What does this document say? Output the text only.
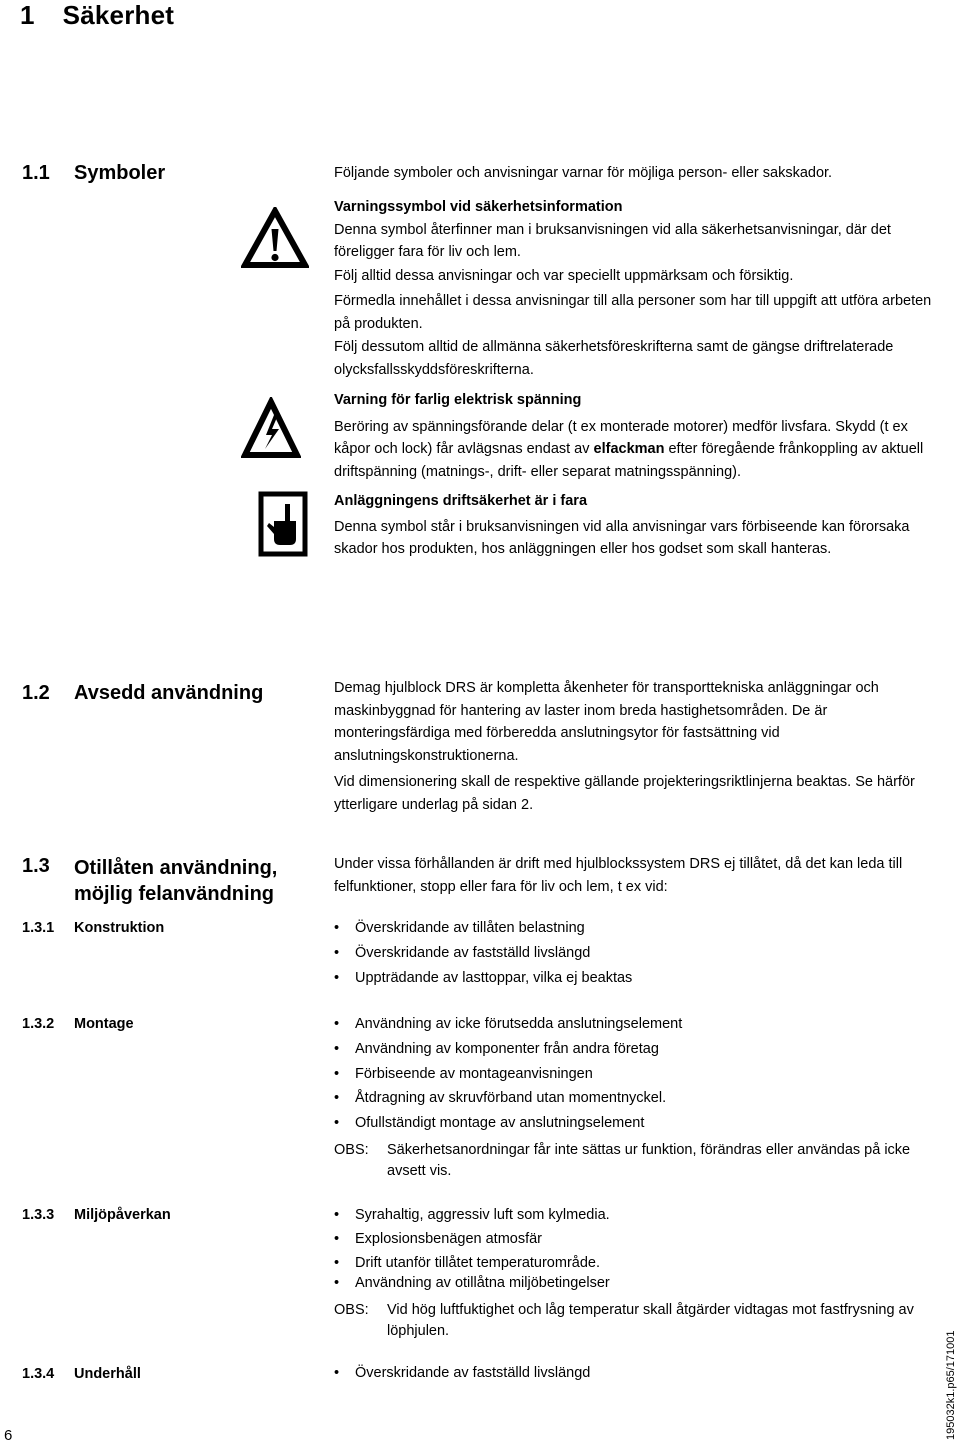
1 Säkerhet
1.1 Symboler	Följande symboler och anvisningar varnar för möjliga person- eller sakskador.

Varningssymbol vid säkerhetsinformation

Denna symbol återfinner man i bruksanvisningen vid alla säkerhetsanvisningar, där det föreligger fara för liv och lem.

Följ alltid dessa anvisningar och var speciellt uppmärksam och försiktig.

Förmedla innehållet i dessa anvisningar till alla personer som har till uppgift att utföra arbeten på produkten.

Följ dessutom alltid de allmänna säkerhetsföreskrifterna samt de gängse driftrelaterade olycksfallsskyddsföreskrifterna.

Varning för farlig elektrisk spänning

Beröring av spänningsförande delar (t ex monterade motorer) medför livsfara. Skydd (t ex kåpor och lock) får avlägsnas endast av elfackman efter föregående frånkoppling av aktuell driftspänning (matnings-, drift- eller separat matningsspänning).

Anläggningens driftsäkerhet är i fara

Denna symbol står i bruksanvisningen vid alla anvisningar vars förbiseende kan förorsaka skador hos produkten, hos anläggningen eller hos godset som skall hanteras.

1.2 Avsedd användning	Demag hjulblock DRS är kompletta åkenheter för transporttekniska anläggningar och maskinbyggnad för hantering av laster inom breda hastighetsområden. De är monteringsfärdiga med förberedda anslutningsytor för fastsättning vid anslutningskonstruktionerna.

Vid dimensionering skall de respektive gällande projekteringsriktlinjerna beaktas. Se härför ytterligare underlag på sidan 2.

1.3 Otillåten användning,
möjlig felanvändning
Under vissa förhållanden är drift med hjulblockssystem DRS ej tillåtet, då det kan leda till felfunktioner, stopp eller fara för liv och lem, t ex vid:
1.3.1 Konstruktion	• Överskridande av tillåten belastning
• Överskridande av fastställd livslängd
• Uppträdande av lasttoppar, vilka ej beaktas
1.3.2 Montage	• Användning av icke förutsedda anslutningselement
• Användning av komponenter från andra företag
• Förbiseende av montageanvisningen
• Åtdragning av skruvförband utan momentnyckel.
• Ofullständigt montage av anslutningselement
OBS: Säkerhetsanordningar får inte sättas ur funktion, förändras eller användas på icke avsett vis.
1.3.3 Miljöpåverkan	• Syrahaltig, aggressiv luft som kylmedia.
• Explosionsbenägen atmosfär
• Drift utanför tillåtet temperaturområde.
• Användning av otillåtna miljöbetingelser
OBS: Vid hög luftfuktighet och låg temperatur skall åtgärder vidtagas mot fastfrysning av löphjulen.
1.3.4 Underhåll	• Överskridande av fastställd livslängd
6	195032k1.p65/171001
